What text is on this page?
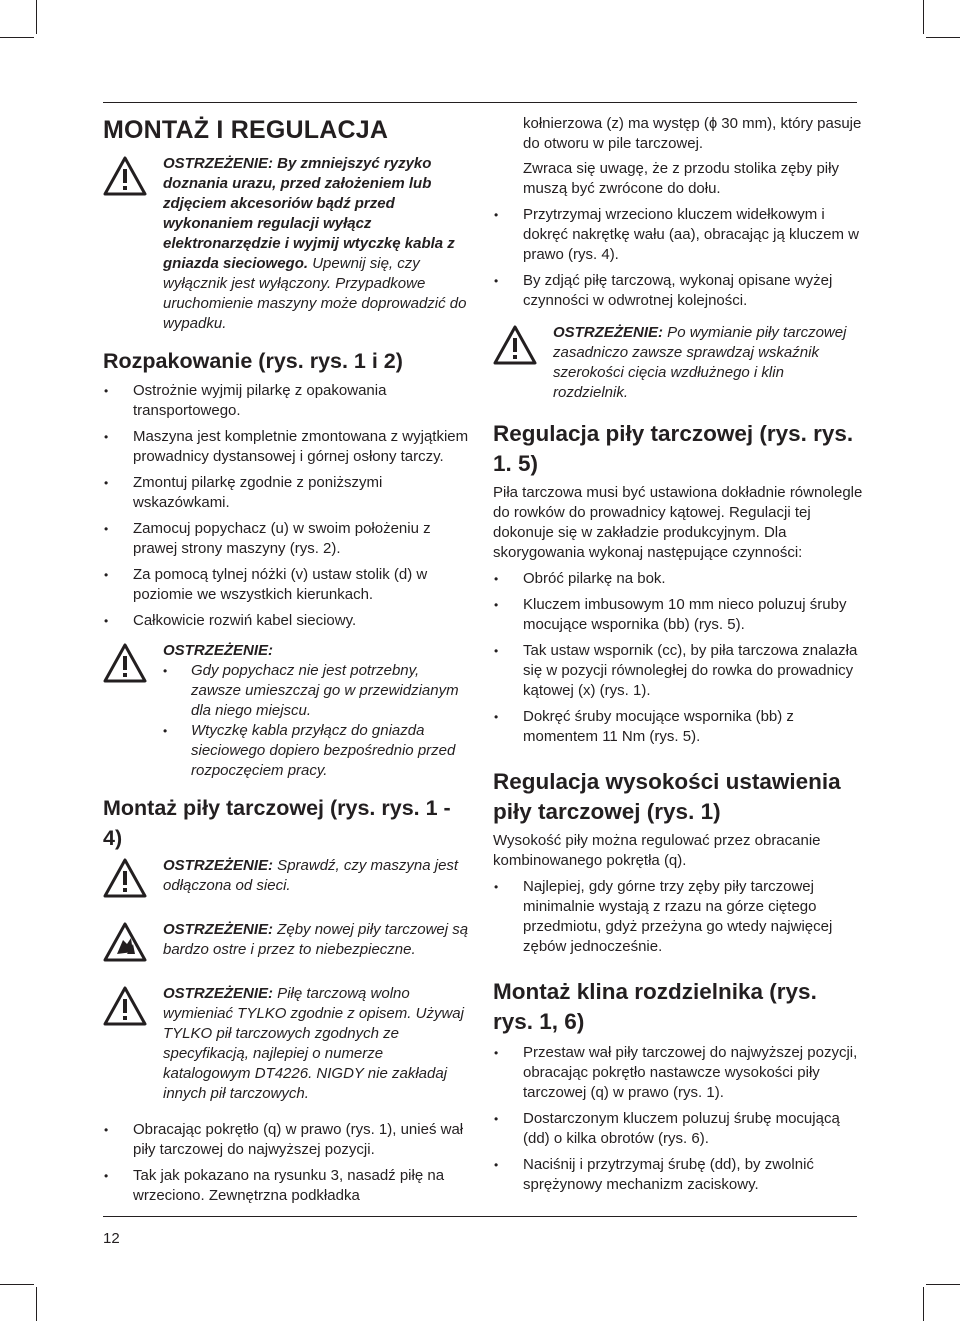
MONTAŻ I REGULACJA
OSTRZEŻENIE: By zmniejszyć ryzyko doznania urazu, przed założeniem lub zdjęciem akcesoriów bądź przed wykonaniem regulacji wyłącz elektronarzędzie i wyjmij wtyczkę kabla z gniazda sieciowego. Upewnij się, czy wyłącznik jest wyłączony. Przypadkowe uruchomienie maszyny może doprowadzić do wypadku.
Rozpakowanie (rys. rys. 1 i 2)
• Ostrożnie wyjmij pilarkę z opakowania transportowego.
• Maszyna jest kompletnie zmontowana z wyjątkiem prowadnicy dystansowej i górnej osłony tarczy.
• Zmontuj pilarkę zgodnie z poniższymi wskazówkami.
• Zamocuj popychacz (u) w swoim położeniu z prawej strony maszyny (rys. 2).
• Za pomocą tylnej nóżki (v) ustaw stolik (d) w poziomie we wszystkich kierunkach.
• Całkowicie rozwiń kabel sieciowy.
OSTRZEŻENIE:
• Gdy popychacz nie jest potrzebny, zawsze umieszczaj go w przewidzianym dla niego miejscu.
• Wtyczkę kabla przyłącz do gniazda sieciowego dopiero bezpośrednio przed rozpoczęciem pracy.
Montaż piły tarczowej (rys. rys. 1 - 4)
OSTRZEŻENIE: Sprawdź, czy maszyna jest odłączona od sieci.
OSTRZEŻENIE: Zęby nowej piły tarczowej są bardzo ostre i przez to niebezpieczne.
OSTRZEŻENIE: Piłę tarczową wolno wymieniać TYLKO zgodnie z opisem. Używaj TYLKO pił tarczowych zgodnych ze specyfikacją, najlepiej o numerze katalogowym DT4226. NIGDY nie zakładaj innych pił tarczowych.
• Obracając pokrętło (q) w prawo (rys. 1), unieś wał piły tarczowej do najwyższej pozycji.
• Tak jak pokazano na rysunku 3, nasadź piłę na wrzeciono. Zewnętrzna podkładka

kołnierzowa (z) ma występ (ɸ 30 mm), który pasuje do otworu w pile tarczowej.

Zwraca się uwagę, że z przodu stolika zęby piły muszą być zwrócone do dołu.

• Przytrzymaj wrzeciono kluczem widełkowym i dokręć nakrętkę wału (aa), obracając ją kluczem w prawo (rys. 4).
• By zdjąć piłę tarczową, wykonaj opisane wyżej czynności w odwrotnej kolejności.
OSTRZEŻENIE: Po wymianie piły tarczowej zasadniczo zawsze sprawdzaj wskaźnik szerokości cięcia wzdłużnego i klin rozdzielnik.
Regulacja piły tarczowej (rys. rys. 1. 5)

Piła tarczowa musi być ustawiona dokładnie równolegle do rowków do prowadnicy kątowej. Regulacji tej dokonuje się w zakładzie produkcyjnym. Dla skorygowania wykonaj następujące czynności:

• Obróć pilarkę na bok.
• Kluczem imbusowym 10 mm nieco poluzuj śruby mocujące wspornika (bb) (rys. 5).
• Tak ustaw wspornik (cc), by piła tarczowa znalazła się w pozycji równoległej do rowka do prowadnicy kątowej (x) (rys. 1).
• Dokręć śruby mocujące wspornika (bb) z momentem 11 Nm (rys. 5).
Regulacja wysokości ustawienia piły tarczowej (rys. 1)

Wysokość piły można regulować przez obracanie kombinowanego pokrętła (q).

• Najlepiej, gdy górne trzy zęby piły tarczowej minimalnie wystają z rzazu na górze ciętego przedmiotu, gdyż przeżyna go wtedy najwięcej zębów jednocześnie.
Montaż klina rozdzielnika (rys. rys. 1, 6)
• Przestaw wał piły tarczowej do najwyższej pozycji, obracając pokrętło nastawcze wysokości piły tarczowej (q) w prawo (rys. 1).
• Dostarczonym kluczem poluzuj śrubę mocującą (dd) o kilka obrotów (rys. 6).
• Naciśnij i przytrzymaj śrubę (dd), by zwolnić sprężynowy mechanizm zaciskowy.
12
